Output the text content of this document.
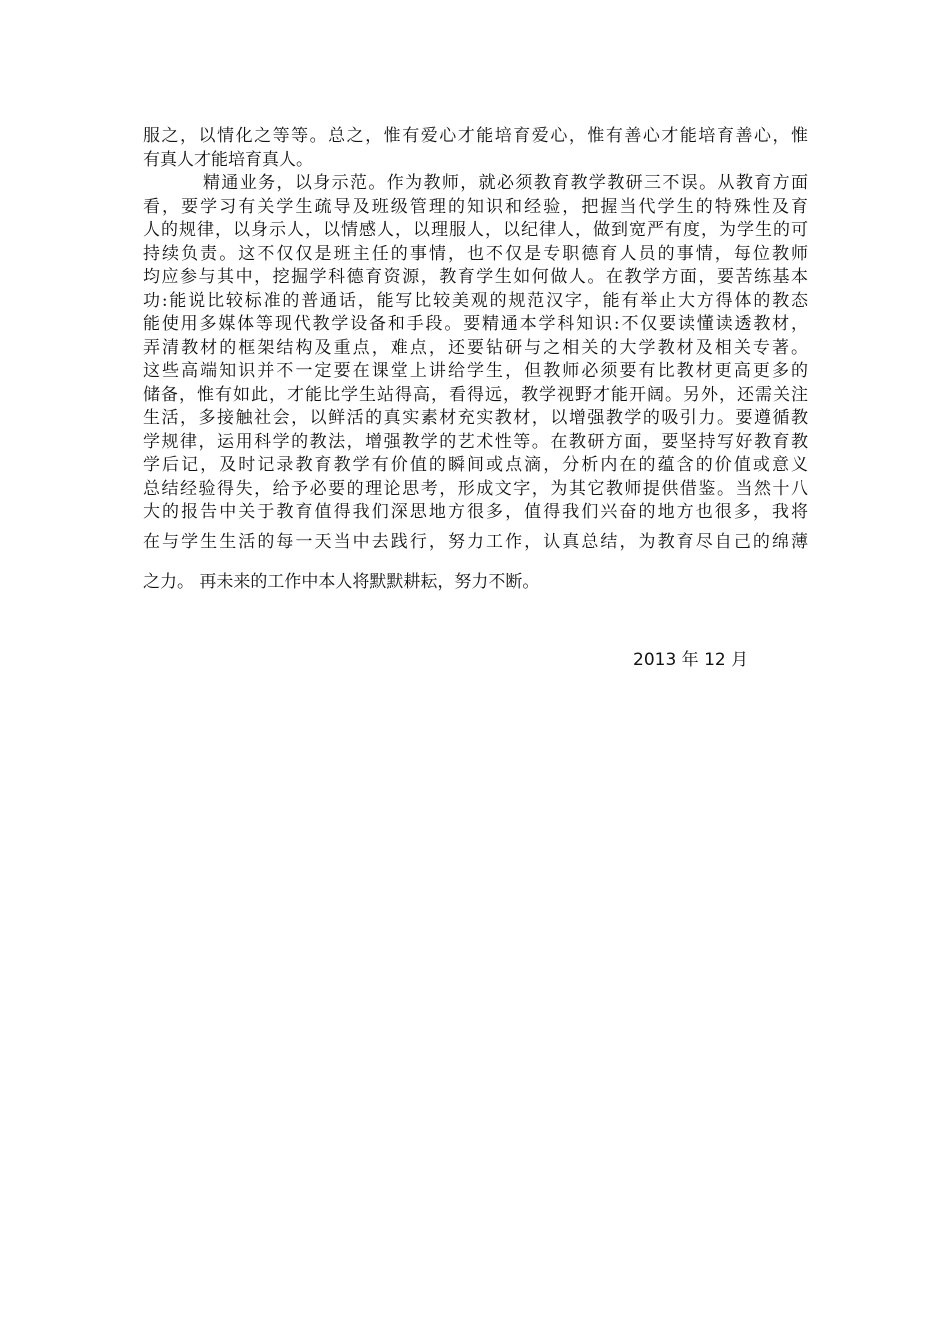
服之，以情化之等等。总之，惟有爱心才能培育爱心，惟有善心才能培育善心，惟
有真人才能培育真人。
精通业务，以身示范。作为教师，就必须教育教学教研三不误。从教育方面
看，要学习有关学生疏导及班级管理的知识和经验，把握当代学生的特殊性及育
人的规律，以身示人，以情感人，以理服人，以纪律人，做到宽严有度，为学生的可
持续负责。这不仅仅是班主任的事情，也不仅是专职德育人员的事情，每位教师
均应参与其中，挖掘学科德育资源，教育学生如何做人。在教学方面，要苦练基本
功:能说比较标准的普通话，能写比较美观的规范汉字，能有举止大方得体的教态
能使用多媒体等现代教学设备和手段。要精通本学科知识:不仅要读懂读透教材，
弄清教材的框架结构及重点，难点，还要钻研与之相关的大学教材及相关专著。
这些高端知识并不一定要在课堂上讲给学生，但教师必须要有比教材更高更多的
储备，惟有如此，才能比学生站得高，看得远，教学视野才能开阔。另外，还需关注
生活，多接触社会，以鲜活的真实素材充实教材，以增强教学的吸引力。要遵循教
学规律，运用科学的教法，增强教学的艺术性等。在教研方面，要坚持写好教育教
学后记，及时记录教育教学有价值的瞬间或点滴，分析内在的蕴含的价值或意义
总结经验得失，给予必要的理论思考，形成文字，为其它教师提供借鉴。当然十八
大的报告中关于教育值得我们深思地方很多，值得我们兴奋的地方也很多，我将
在与学生生活的每一天当中去践行，努力工作，认真总结，为教育尽自己的绵薄
之力。 再未来的工作中本人将默默耕耘，努力不断。
2013 年 12 月
